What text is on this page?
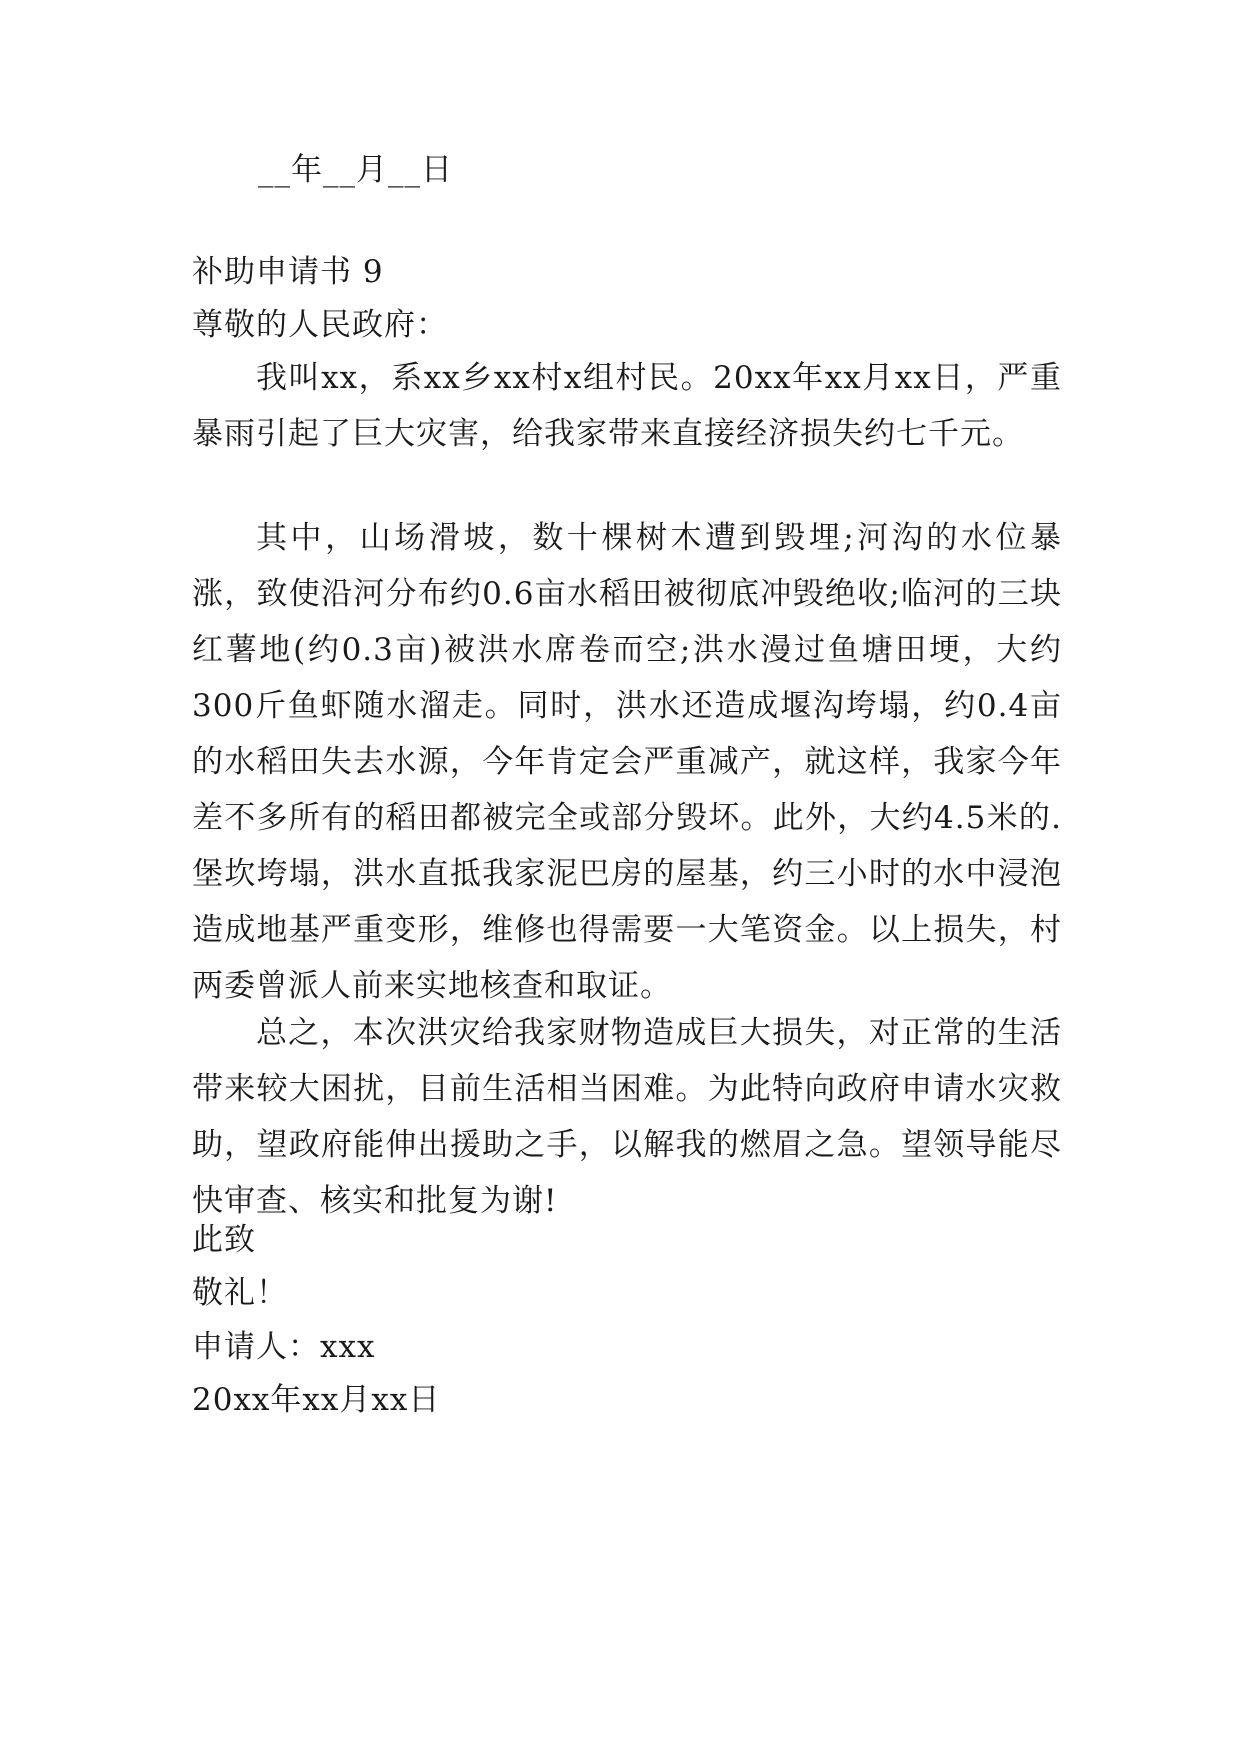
__年__月__日
补助申请书 9
尊敬的人民政府：

我叫xx，系xx乡xx村x组村民。20xx年xx月xx日，严重暴雨引起了巨大灾害，给我家带来直接经济损失约七千元。

其中，山场滑坡，数十棵树木遭到毁埋;河沟的水位暴涨，致使沿河分布约0.6亩水稻田被彻底冲毁绝收;临河的三块红薯地(约0.3亩)被洪水席卷而空;洪水漫过鱼塘田埂，大约300斤鱼虾随水溜走。同时，洪水还造成堰沟垮塌，约0.4亩的水稻田失去水源，今年肯定会严重减产，就这样，我家今年差不多所有的稻田都被完全或部分毁坏。此外，大约4.5米的.堡坎垮塌，洪水直抵我家泥巴房的屋基，约三小时的水中浸泡造成地基严重变形，维修也得需要一大笔资金。以上损失，村两委曾派人前来实地核查和取证。

总之，本次洪灾给我家财物造成巨大损失，对正常的生活带来较大困扰，目前生活相当困难。为此特向政府申请水灾救助，望政府能伸出援助之手，以解我的燃眉之急。望领导能尽快审查、核实和批复为谢!

此致
敬礼！
申请人：xxx
20xx年xx月xx日
